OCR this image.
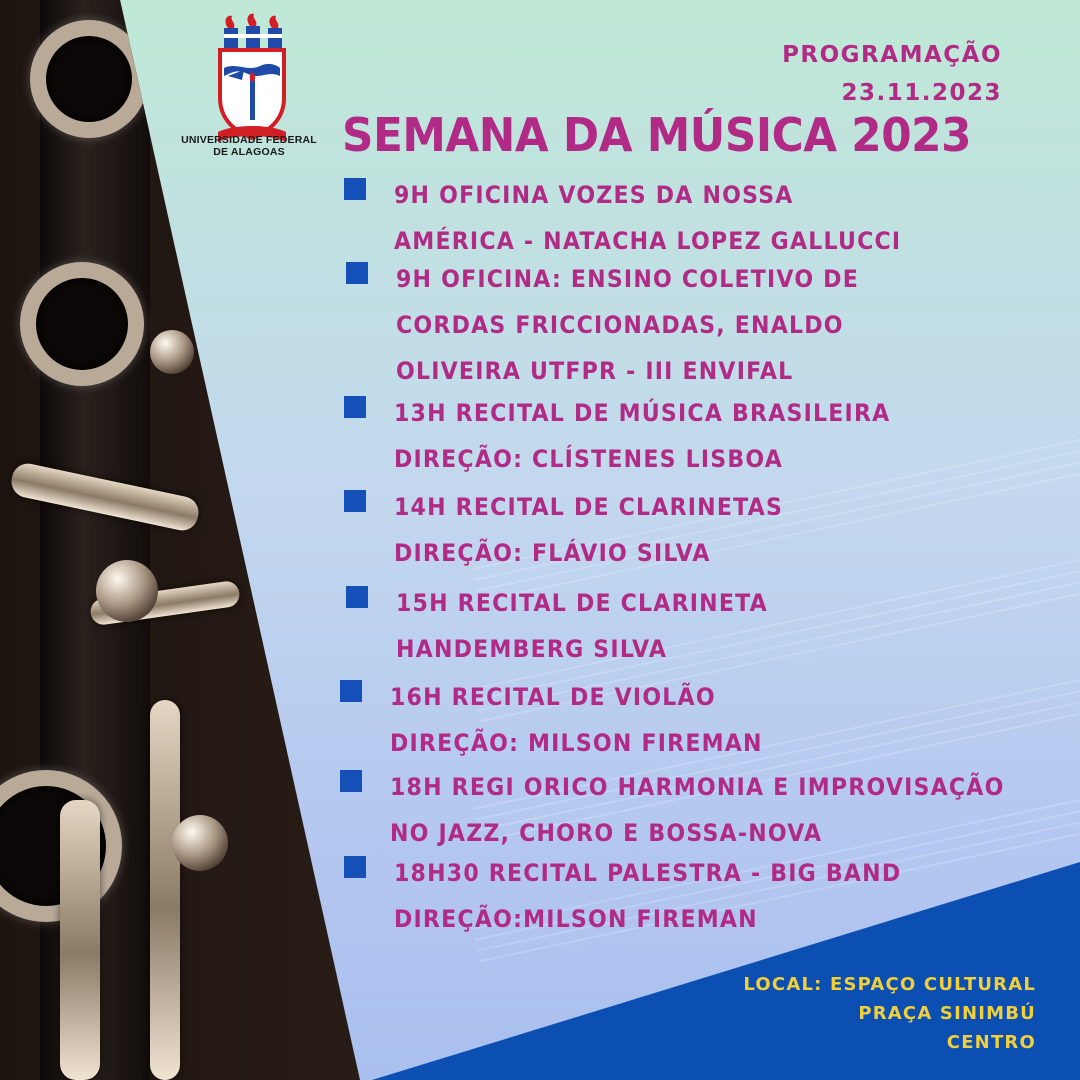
UNIVERSIDADE FEDERAL
DE ALAGOAS
PROGRAMAÇÃO
23.11.2023
SEMANA DA MÚSICA 2023

9H OFICINA VOZES DA NOSSA
AMÉRICA - NATACHA LOPEZ GALLUCCI

9H OFICINA: ENSINO COLETIVO DE
CORDAS FRICCIONADAS, ENALDO
OLIVEIRA UTFPR - III ENVIFAL

13H RECITAL DE MÚSICA BRASILEIRA
DIREÇÃO: CLÍSTENES LISBOA

14H RECITAL DE CLARINETAS
DIREÇÃO: FLÁVIO SILVA

15H RECITAL DE CLARINETA
HANDEMBERG SILVA

16H RECITAL DE VIOLÃO
DIREÇÃO: MILSON FIREMAN

18H REGI ORICO HARMONIA E IMPROVISAÇÃO
NO JAZZ, CHORO E BOSSA-NOVA

18H30 RECITAL PALESTRA - BIG BAND
DIREÇÃO:MILSON FIREMAN

LOCAL: ESPAÇO CULTURAL
PRAÇA SINIMBÚ
CENTRO
